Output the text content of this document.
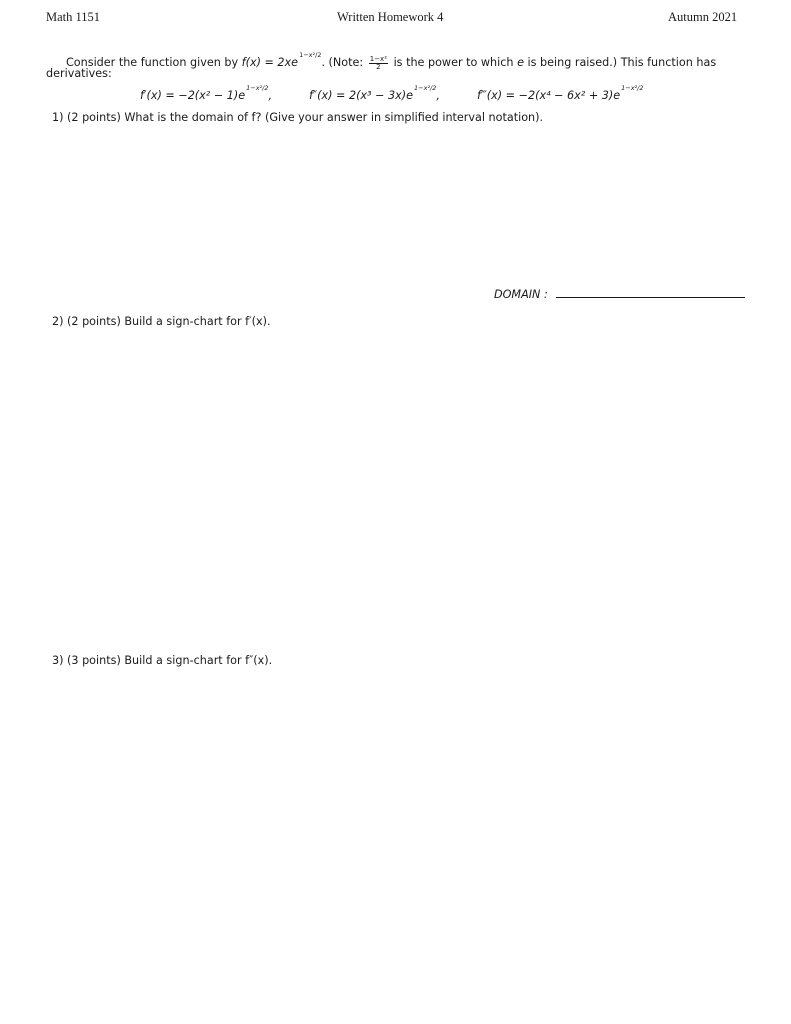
Math 1151	Written Homework 4	Autumn 2021
Consider the function given by $f(x) = 2xe^{1-x^2/2}$. (Note: $\frac{\text{1−x²}}{2}$ is the power to which e is being raised.) This function has
derivatives:
$f'(x) = -2(x^2 - 1)e^{1-x^2/2}$,	$f''(x) = 2(x^3 - 3x)e^{1-x^2/2}$,	f‴(x) = $-2(x^4 - 6x^2 + 3)e^{1-x^2/2}$
1) (2 points) What is the domain of f? (Give your answer in simplified interval notation).
DOMAIN :
2) (2 points) Build a sign-chart for f′(x).
3) (3 points) Build a sign-chart for f″(x).
